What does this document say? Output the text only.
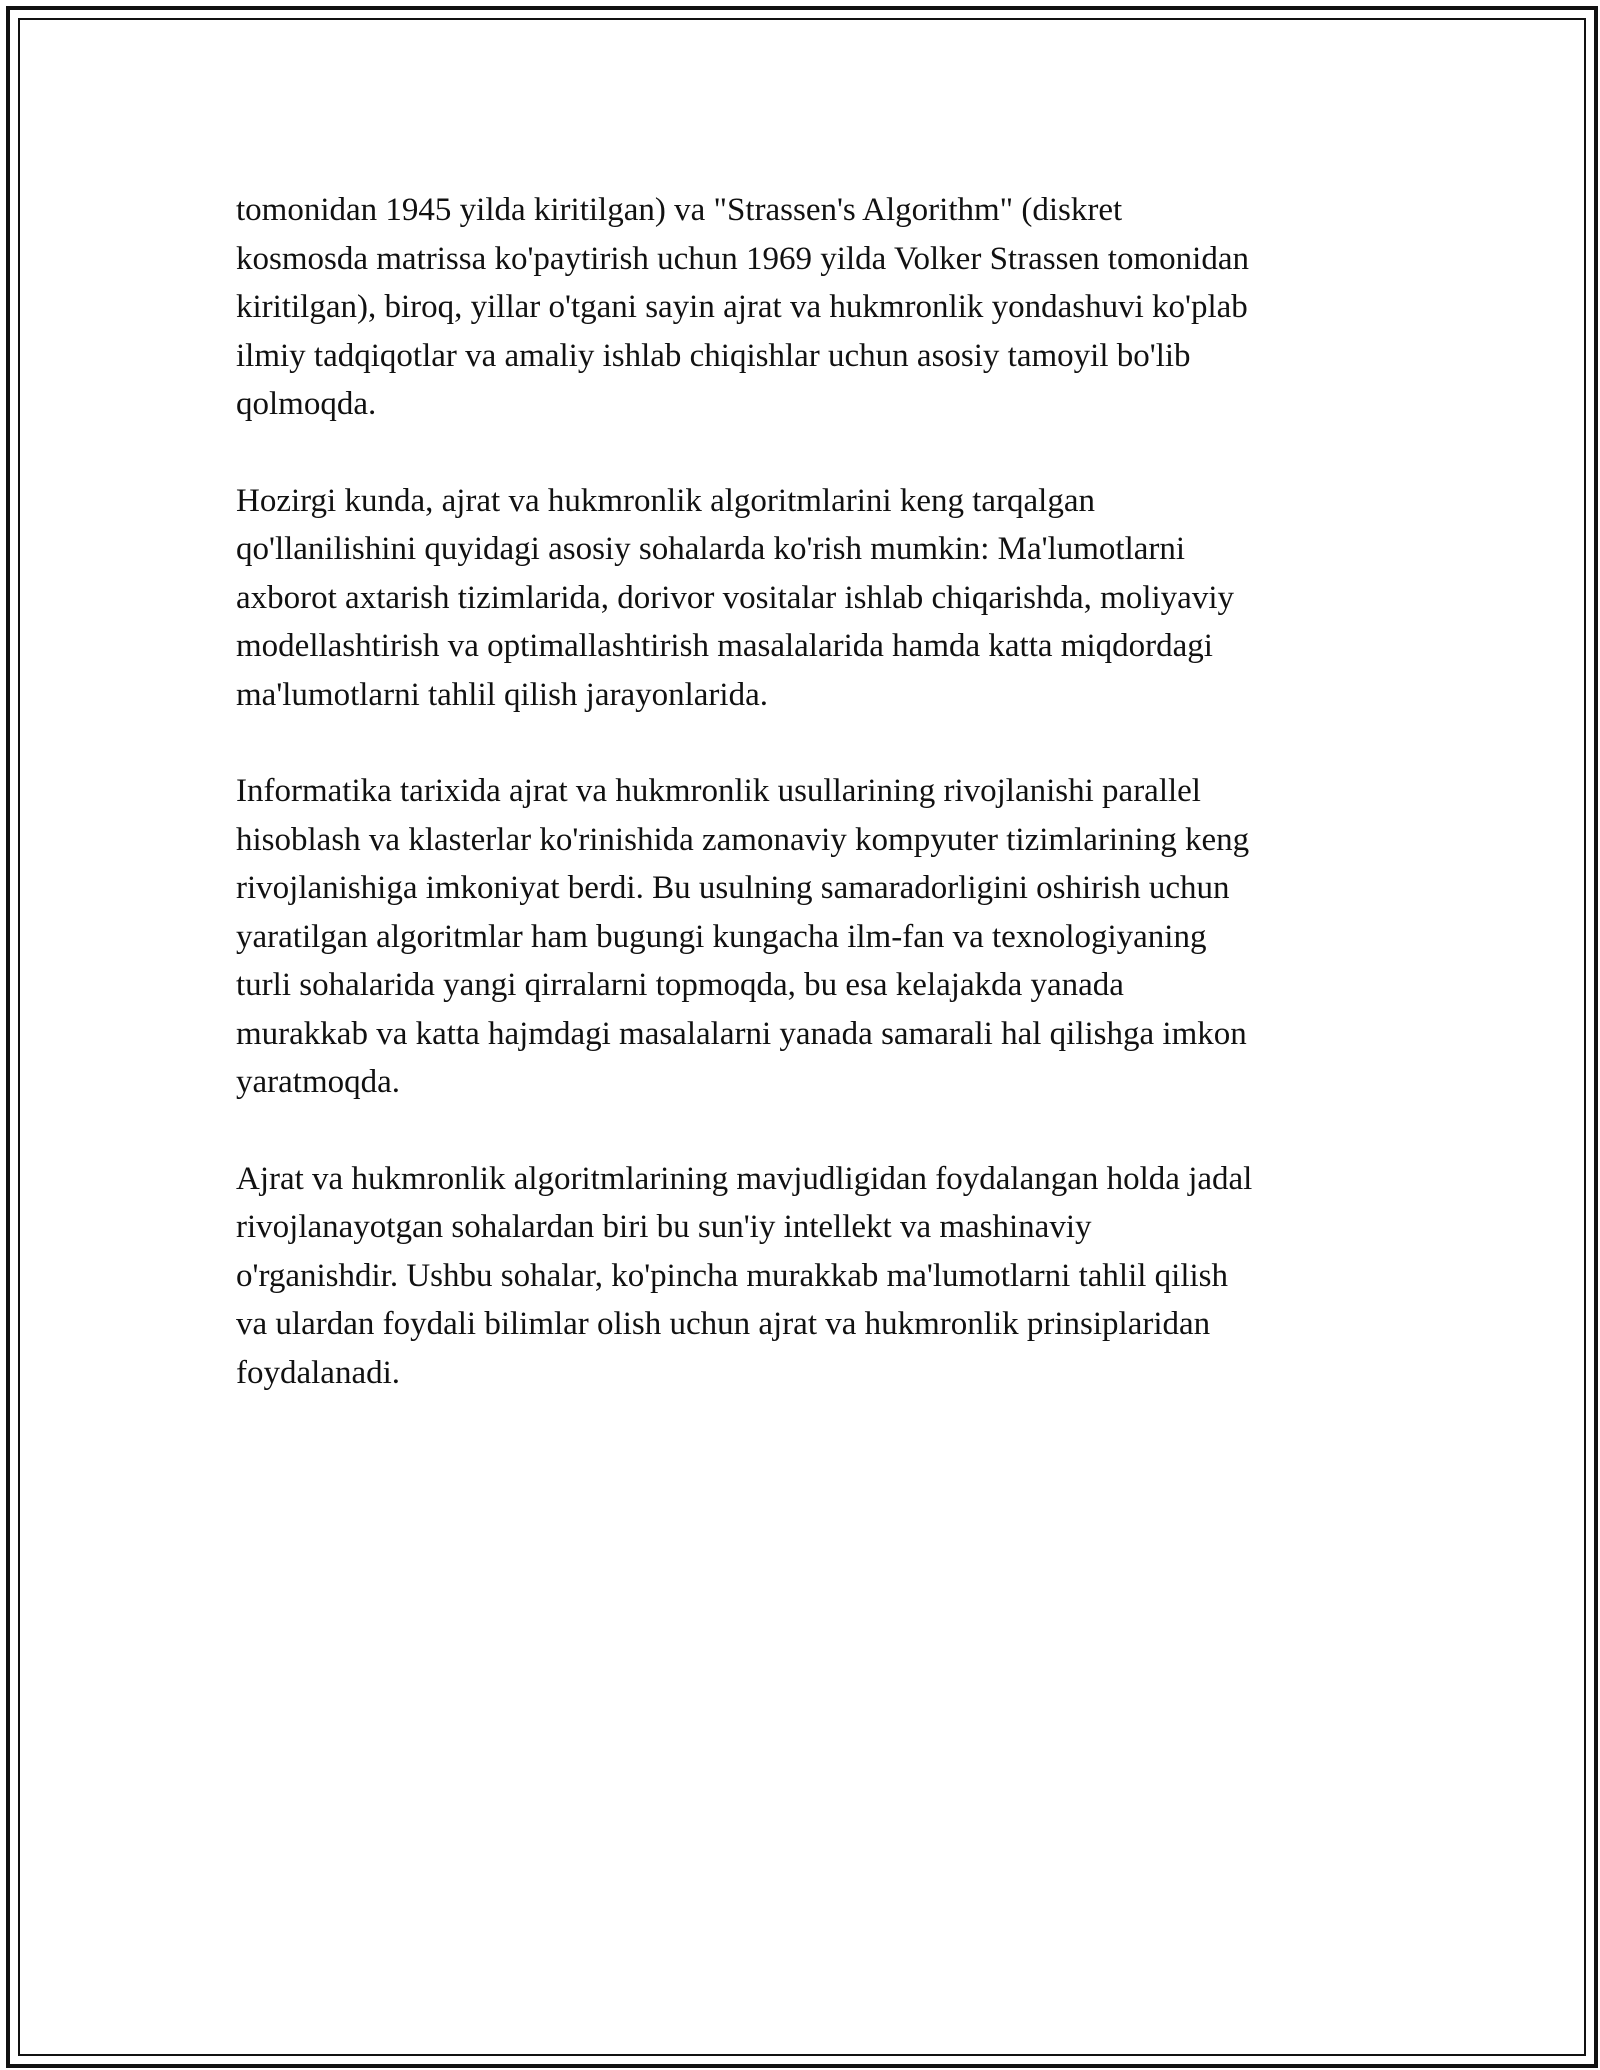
tomonidan 1945 yilda kiritilgan) va "Strassen's Algorithm" (diskret
kosmosda matrissa ko'paytirish uchun 1969 yilda Volker Strassen tomonidan
kiritilgan), biroq, yillar o'tgani sayin ajrat va hukmronlik yondashuvi ko'plab
ilmiy tadqiqotlar va amaliy ishlab chiqishlar uchun asosiy tamoyil bo'lib
qolmoqda.

Hozirgi kunda, ajrat va hukmronlik algoritmlarini keng tarqalgan
qo'llanilishini quyidagi asosiy sohalarda ko'rish mumkin: Ma'lumotlarni
axborot axtarish tizimlarida, dorivor vositalar ishlab chiqarishda, moliyaviy
modellashtirish va optimallashtirish masalalarida hamda katta miqdordagi
ma'lumotlarni tahlil qilish jarayonlarida.

Informatika tarixida ajrat va hukmronlik usullarining rivojlanishi parallel
hisoblash va klasterlar ko'rinishida zamonaviy kompyuter tizimlarining keng
rivojlanishiga imkoniyat berdi. Bu usulning samaradorligini oshirish uchun
yaratilgan algoritmlar ham bugungi kungacha ilm-fan va texnologiyaning
turli sohalarida yangi qirralarni topmoqda, bu esa kelajakda yanada
murakkab va katta hajmdagi masalalarni yanada samarali hal qilishga imkon
yaratmoqda.

Ajrat va hukmronlik algoritmlarining mavjudligidan foydalangan holda jadal
rivojlanayotgan sohalardan biri bu sun'iy intellekt va mashinaviy
o'rganishdir. Ushbu sohalar, ko'pincha murakkab ma'lumotlarni tahlil qilish
va ulardan foydali bilimlar olish uchun ajrat va hukmronlik prinsiplaridan
foydalanadi.
